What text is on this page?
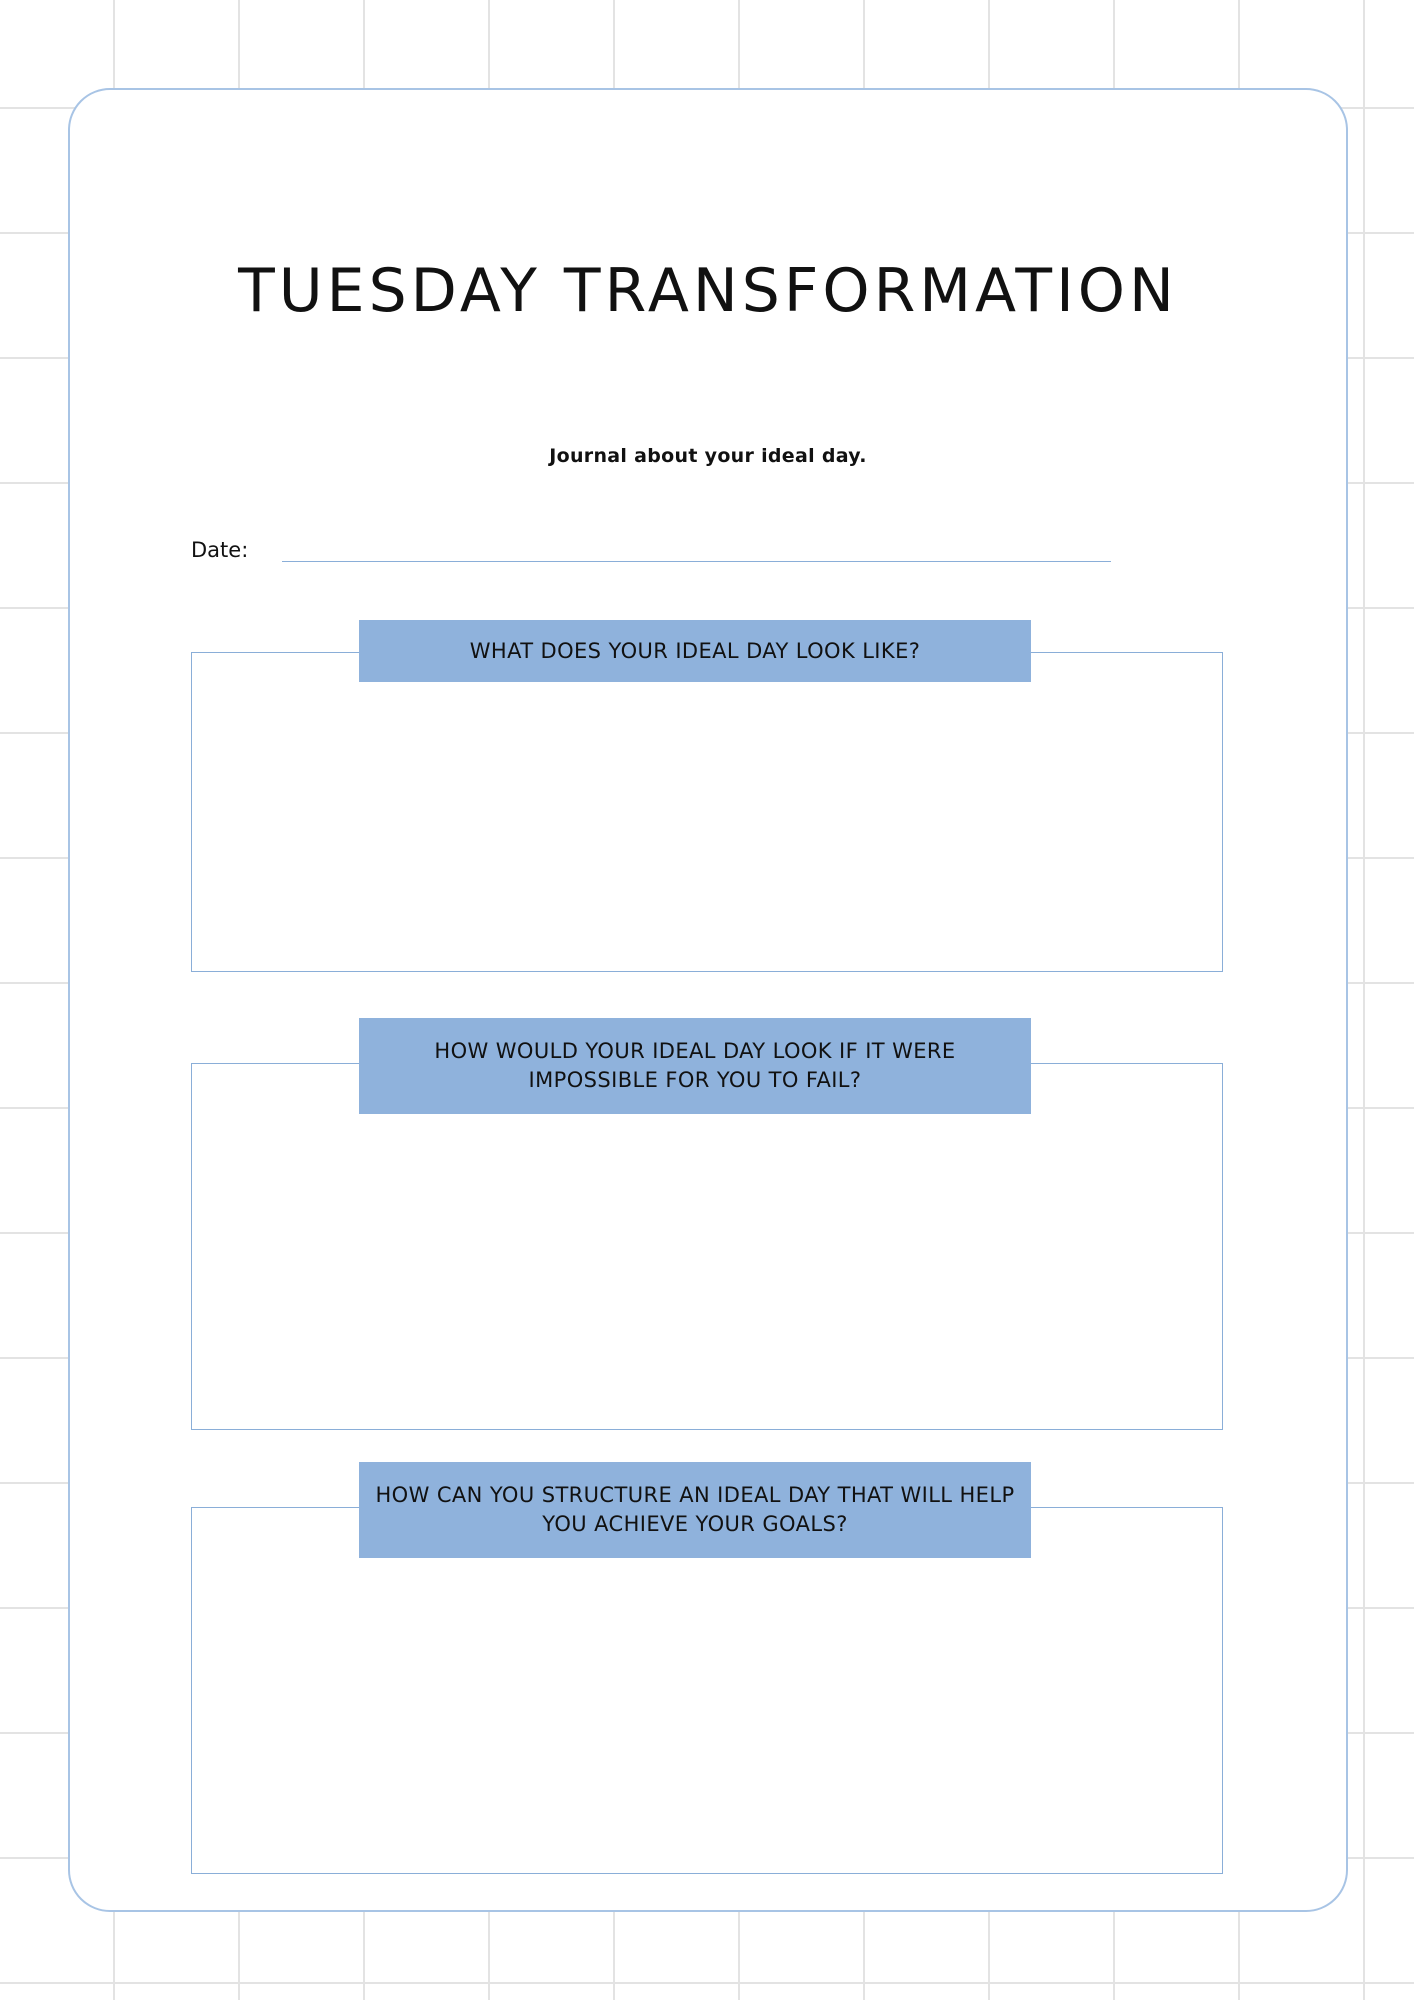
TUESDAY TRANSFORMATION
Journal about your ideal day.
Date:
WHAT DOES YOUR IDEAL DAY LOOK LIKE?
HOW WOULD YOUR IDEAL DAY LOOK IF IT WERE IMPOSSIBLE FOR YOU TO FAIL?
HOW CAN YOU STRUCTURE AN IDEAL DAY THAT WILL HELP YOU ACHIEVE YOUR GOALS?
